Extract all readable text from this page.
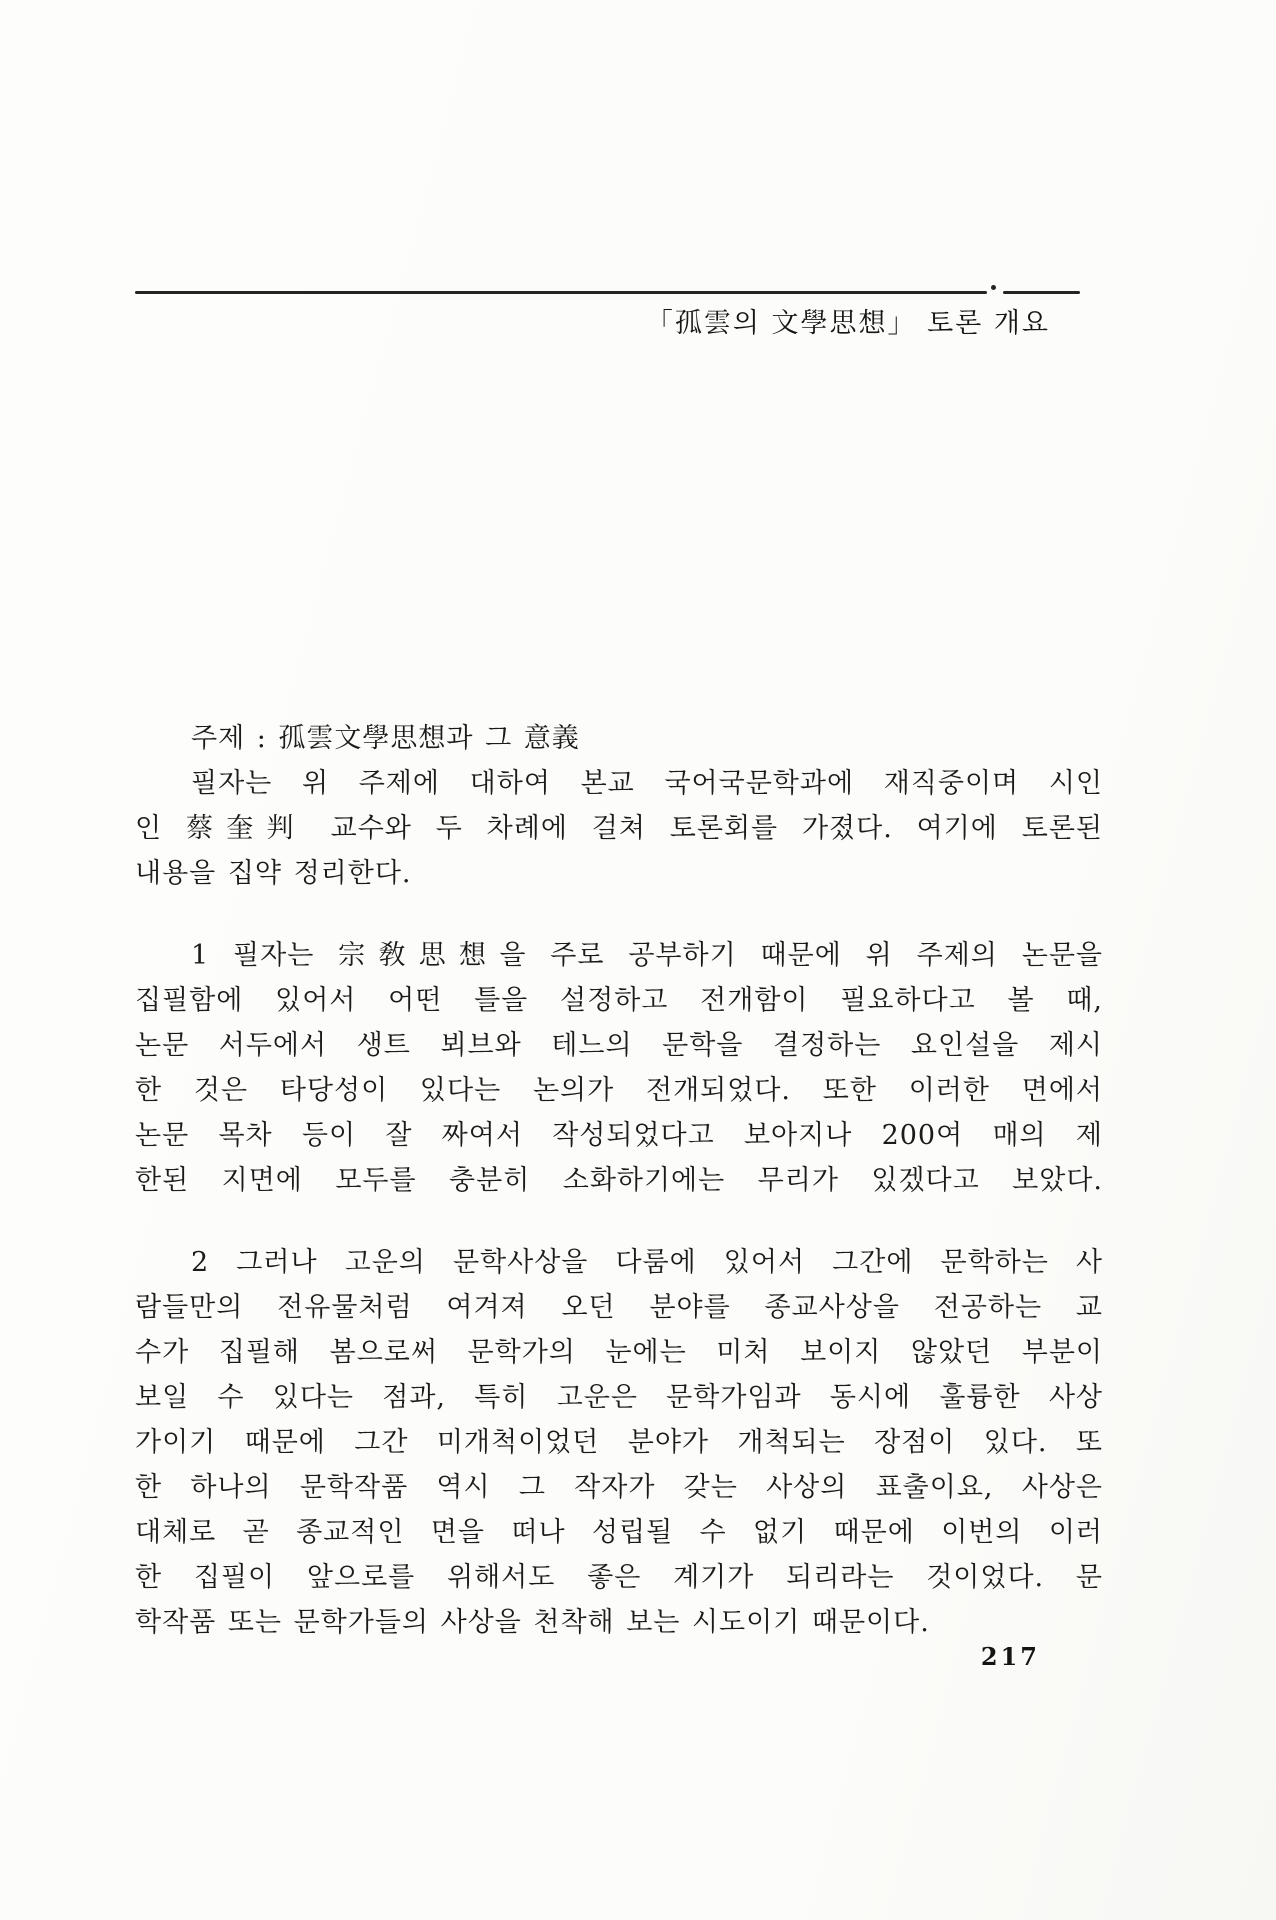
「孤雲의 文學思想」 토론 개요

주제 : 孤雲文學思想과 그 意義

필자는 위 주제에 대하여 본교 국어국문학과에 재직중이며 시인

인 蔡奎判 교수와 두 차례에 걸쳐 토론회를 가졌다. 여기에 토론된

내용을 집약 정리한다.

1 필자는 宗敎思想을 주로 공부하기 때문에 위 주제의 논문을

집필함에 있어서 어떤 틀을 설정하고 전개함이 필요하다고 볼 때,

논문 서두에서 생트 뵈브와 테느의 문학을 결정하는 요인설을 제시

한 것은 타당성이 있다는 논의가 전개되었다. 또한 이러한 면에서

논문 목차 등이 잘 짜여서 작성되었다고 보아지나 200여 매의 제

한된 지면에 모두를 충분히 소화하기에는 무리가 있겠다고 보았다.

2 그러나 고운의 문학사상을 다룸에 있어서 그간에 문학하는 사

람들만의 전유물처럼 여겨져 오던 분야를 종교사상을 전공하는 교

수가 집필해 봄으로써 문학가의 눈에는 미처 보이지 않았던 부분이

보일 수 있다는 점과, 특히 고운은 문학가임과 동시에 훌륭한 사상

가이기 때문에 그간 미개척이었던 분야가 개척되는 장점이 있다. 또

한 하나의 문학작품 역시 그 작자가 갖는 사상의 표출이요, 사상은

대체로 곧 종교적인 면을 떠나 성립될 수 없기 때문에 이번의 이러

한 집필이 앞으로를 위해서도 좋은 계기가 되리라는 것이었다. 문

학작품 또는 문학가들의 사상을 천착해 보는 시도이기 때문이다.

217
